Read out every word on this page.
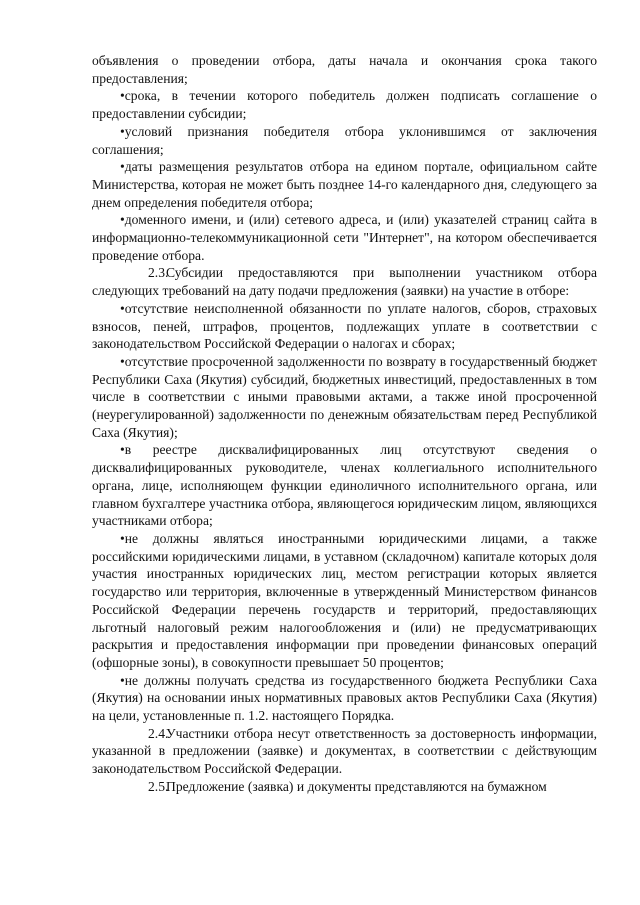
объявления о проведении отбора, даты начала и окончания срока такого предоставления;

•срока, в течении которого победитель должен подписать соглашение о предоставлении субсидии;

•условий признания победителя отбора уклонившимся от заключения соглашения;

•даты размещения результатов отбора на едином портале, официальном сайте Министерства, которая не может быть позднее 14-го календарного дня, следующего за днем определения победителя отбора;

•доменного имени, и (или) сетевого адреса, и (или) указателей страниц сайта в информационно-телекоммуникационной сети "Интернет", на котором обеспечивается проведение отбора.

2.3.Субсидии предоставляются при выполнении участником отбора следующих требований на дату подачи предложения (заявки) на участие в отборе:

•отсутствие неисполненной обязанности по уплате налогов, сборов, страховых взносов, пеней, штрафов, процентов, подлежащих уплате в соответствии с законодательством Российской Федерации о налогах и сборах;

•отсутствие просроченной задолженности по возврату в государственный бюджет Республики Саха (Якутия) субсидий, бюджетных инвестиций, предоставленных в том числе в соответствии с иными правовыми актами, а также иной просроченной (неурегулированной) задолженности по денежным обязательствам перед Республикой Саха (Якутия);

•в реестре дисквалифицированных лиц отсутствуют сведения о дисквалифицированных руководителе, членах коллегиального исполнительного органа, лице, исполняющем функции единоличного исполнительного органа, или главном бухгалтере участника отбора, являющегося юридическим лицом, являющихся участниками отбора;

•не должны являться иностранными юридическими лицами, а также российскими юридическими лицами, в уставном (складочном) капитале которых доля участия иностранных юридических лиц, местом регистрации которых является государство или территория, включенные в утвержденный Министерством финансов Российской Федерации перечень государств и территорий, предоставляющих льготный налоговый режим налогообложения и (или) не предусматривающих раскрытия и предоставления информации при проведении финансовых операций (офшорные зоны), в совокупности превышает 50 процентов;

•не должны получать средства из государственного бюджета Республики Саха (Якутия) на основании иных нормативных правовых актов Республики Саха (Якутия) на цели, установленные п. 1.2. настоящего Порядка.

2.4.Участники отбора несут ответственность за достоверность информации, указанной в предложении (заявке) и документах, в соответствии с действующим законодательством Российской Федерации.

2.5.Предложение (заявка) и документы представляются на бумажном
